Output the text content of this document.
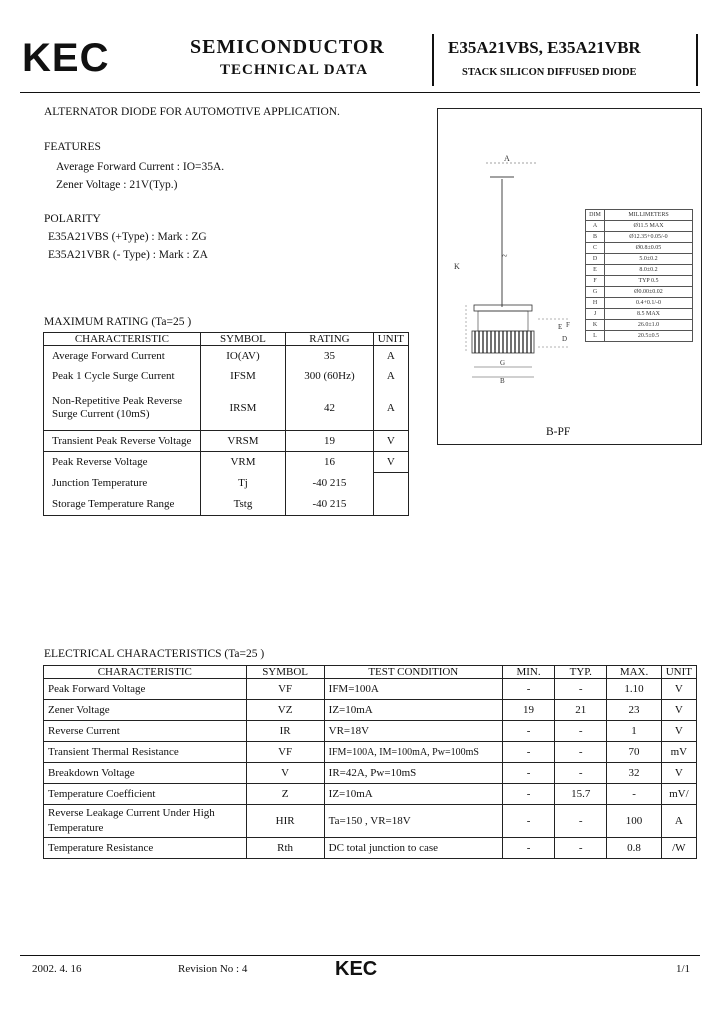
KEC	SEMICONDUCTOR
TECHNICAL DATA
E35A21VBS, E35A21VBR
STACK SILICON DIFFUSED DIODE
ALTERNATOR DIODE FOR AUTOMOTIVE APPLICATION.
FEATURES
Average Forward Current : IO=35A.
Zener Voltage : 21V(Typ.)
POLARITY
E35A21VBS (+Type) : Mark : ZG
E35A21VBR (- Type) : Mark : ZA
MAXIMUM RATING (Ta=25 )
CHARACTERISTIC	SYMBOL	RATING	UNIT
Average Forward Current	IO(AV)	35	A
Peak 1 Cycle Surge Current	IFSM	300 (60Hz)	A
Non-Repetitive Peak Reverse Surge Current (10mS)	IRSM	42	A
Transient Peak Reverse Voltage	VRSM	19	V
Peak Reverse Voltage	VRM	16	V
Junction Temperature	Tj	-40 215	
Storage Temperature Range	Tstg	-40 215	
A
~
K
E F
D
G
B
DIM	MILLIMETERS
A	Ø11.5 MAX
B	Ø12.35+0.05/-0
C	Ø0.8±0.05
D	5.0±0.2
E	8.0±0.2
F	TYP 0.5
G	Ø0.00±0.02
H	0.4+0.1/-0
J	8.5 MAX
K	26.0±1.0
L	20.5±0.5
B-PF
ELECTRICAL CHARACTERISTICS (Ta=25 )
CHARACTERISTIC	SYMBOL	TEST CONDITION	MIN.	TYP.	MAX.	UNIT
Peak Forward Voltage	VF	IFM=100A	-	-	1.10	V
Zener Voltage	VZ	IZ=10mA	19	21	23	V
Reverse Current	IR	VR=18V	-	-	1	V
Transient Thermal Resistance	VF	IFM=100A, IM=100mA, Pw=100mS	-	-	70	mV
Breakdown Voltage	V	IR=42A, Pw=10mS	-	-	32	V
Temperature Coefficient	Z	IZ=10mA	-	15.7	-	mV/
Reverse Leakage Current Under High Temperature	HIR	Ta=150 , VR=18V	-	-	100	A
Temperature Resistance	Rth	DC total junction to case	-	-	0.8	/W
2002. 4. 16	Revision No : 4	KEC	1/1
